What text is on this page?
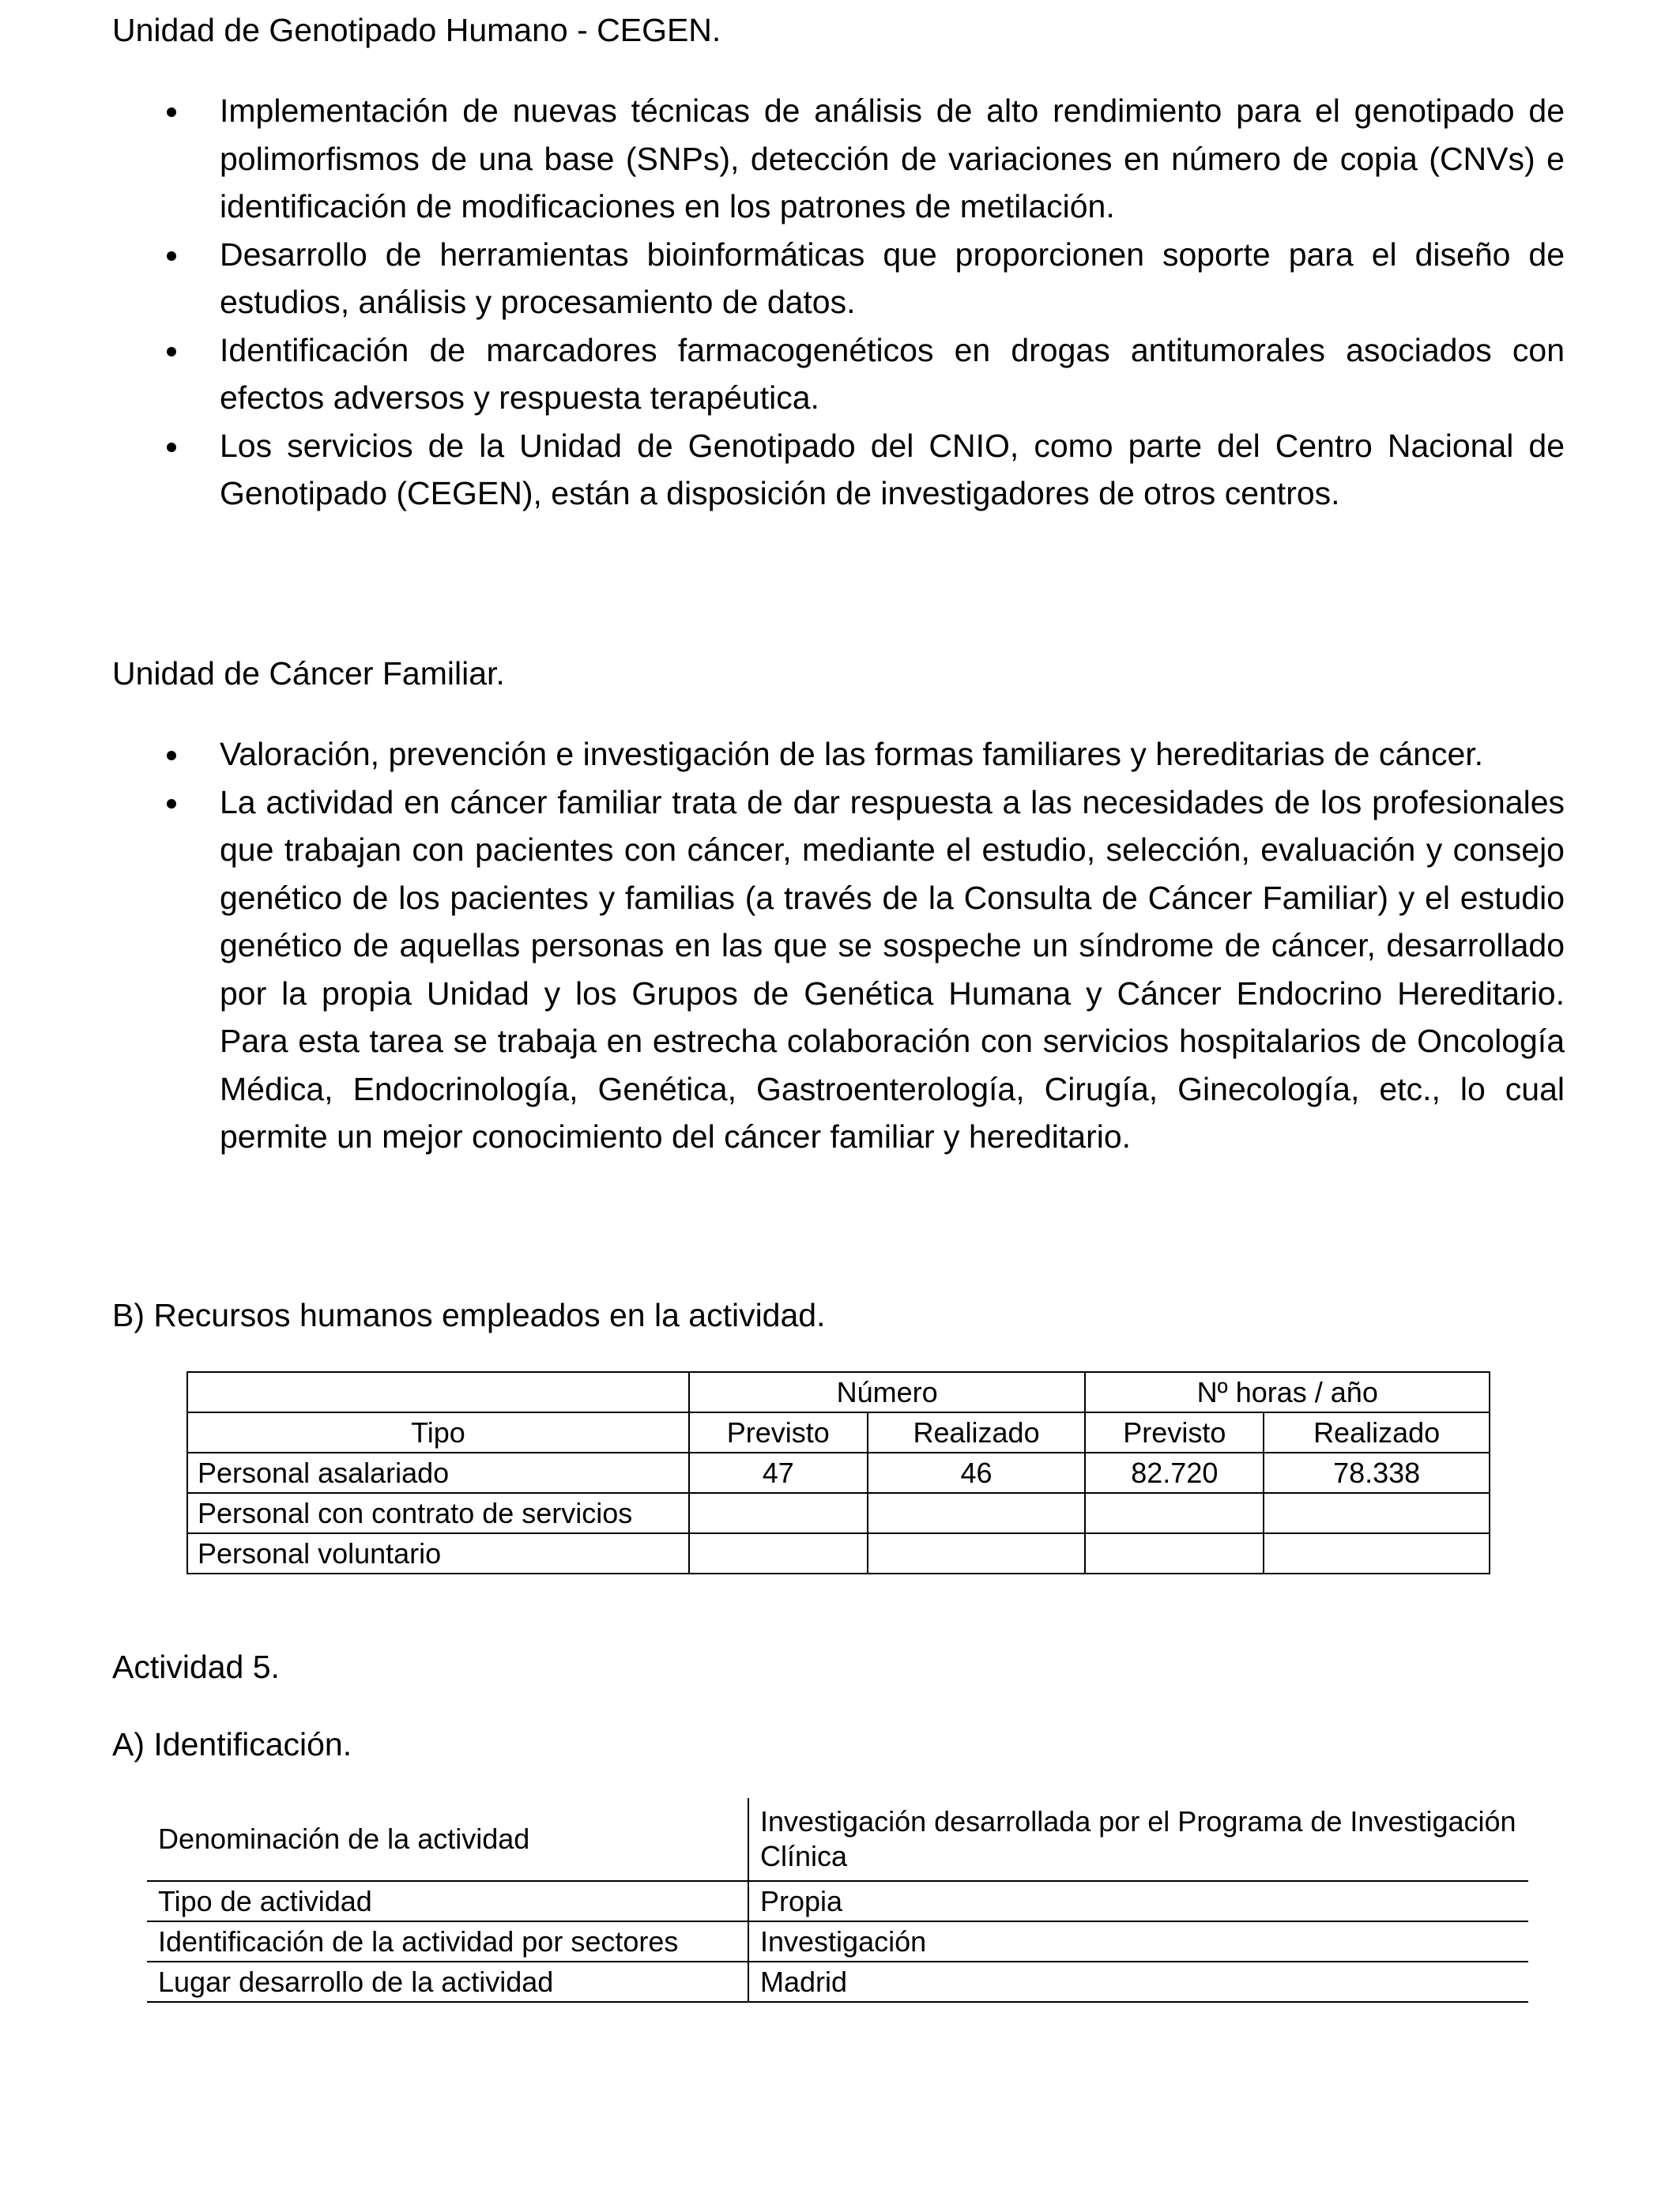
Unidad de Genotipado Humano - CEGEN.
Implementación de nuevas técnicas de análisis de alto rendimiento para el genotipado de polimorfismos de una base (SNPs), detección de variaciones en número de copia (CNVs) e identificación de modificaciones en los patrones de metilación.
Desarrollo de herramientas bioinformáticas que proporcionen soporte para el diseño de estudios, análisis y procesamiento de datos.
Identificación de marcadores farmacogenéticos en drogas antitumorales asociados con efectos adversos y respuesta terapéutica.
Los servicios de la Unidad de Genotipado del CNIO, como parte del Centro Nacional de Genotipado (CEGEN), están a disposición de investigadores de otros centros.
Unidad de Cáncer Familiar.
Valoración, prevención e investigación de las formas familiares y hereditarias de cáncer.
La actividad en cáncer familiar trata de dar respuesta a las necesidades de los profesionales que trabajan con pacientes con cáncer, mediante el estudio, selección, evaluación y consejo genético de los pacientes y familias (a través de la Consulta de Cáncer Familiar) y el estudio genético de aquellas personas en las que se sospeche un síndrome de cáncer, desarrollado por la propia Unidad y los Grupos de Genética Humana y Cáncer Endocrino Hereditario. Para esta tarea se trabaja en estrecha colaboración con servicios hospitalarios de Oncología Médica, Endocrinología, Genética, Gastroenterología, Cirugía, Ginecología, etc., lo cual permite un mejor conocimiento del cáncer familiar y hereditario.
B) Recursos humanos empleados en la actividad.
	Número		Nº horas / año	
Tipo	Previsto	Realizado	Previsto	Realizado
Personal asalariado	47	46	82.720	78.338
Personal con contrato de servicios				
Personal voluntario				
Actividad 5.
A) Identificación.
Denominación de la actividad	Investigación desarrollada por el Programa de Investigación Clínica
Tipo de actividad	Propia
Identificación de la actividad por sectores	Investigación
Lugar desarrollo de la actividad	Madrid
